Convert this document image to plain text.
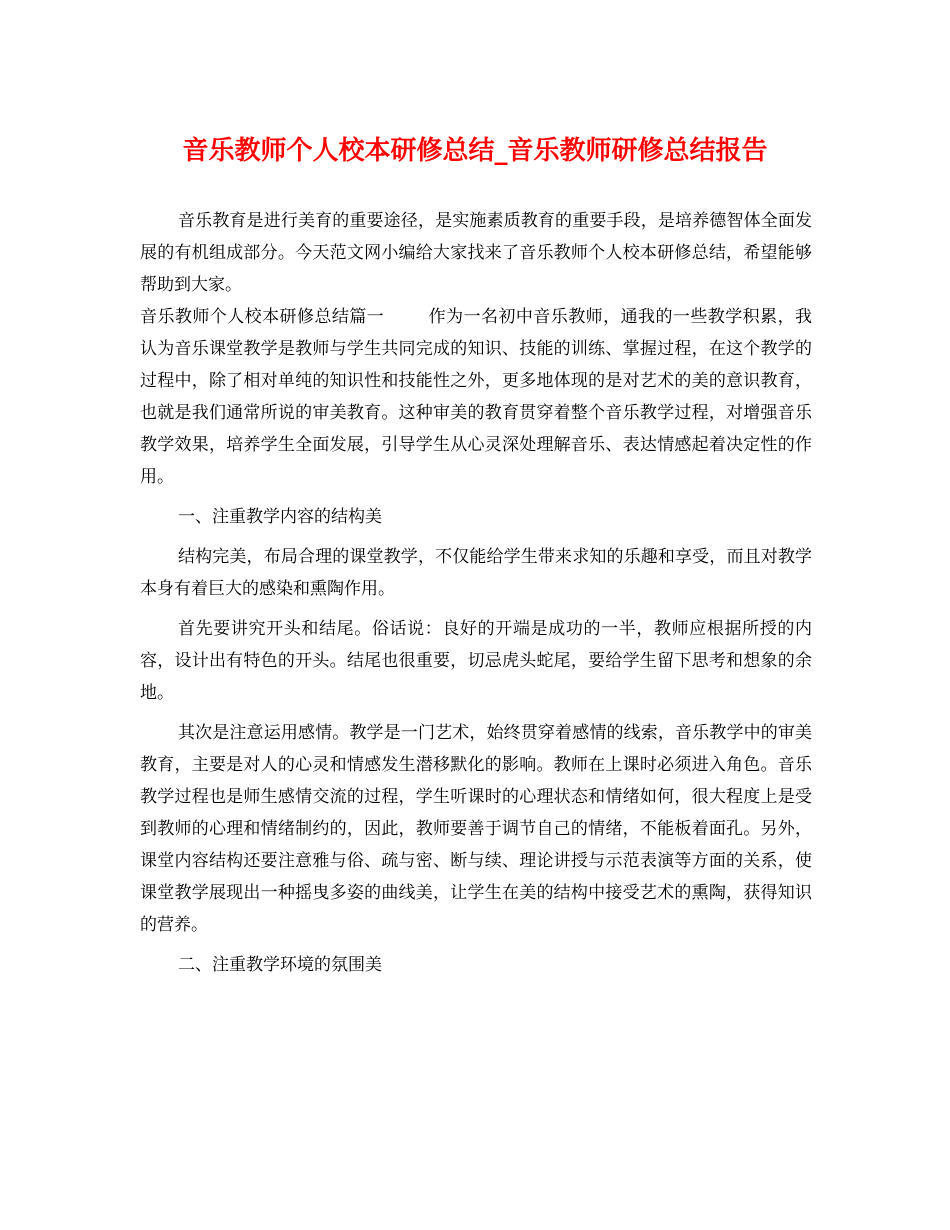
音乐教师个人校本研修总结_音乐教师研修总结报告

音乐教育是进行美育的重要途径，是实施素质教育的重要手段，是培养德智体全面发展的有机组成部分。今天范文网小编给大家找来了音乐教师个人校本研修总结，希望能够帮助到大家。

音乐教师个人校本研修总结篇一	作为一名初中音乐教师，通我的一些教学积累，我认为音乐课堂教学是教师与学生共同完成的知识、技能的训练、掌握过程，在这个教学的过程中，除了相对单纯的知识性和技能性之外，更多地体现的是对艺术的美的意识教育，也就是我们通常所说的审美教育。这种审美的教育贯穿着整个音乐教学过程，对增强音乐教学效果，培养学生全面发展，引导学生从心灵深处理解音乐、表达情感起着决定性的作用。

一、注重教学内容的结构美

结构完美，布局合理的课堂教学，不仅能给学生带来求知的乐趣和享受，而且对教学本身有着巨大的感染和熏陶作用。

首先要讲究开头和结尾。俗话说：良好的开端是成功的一半，教师应根据所授的内容，设计出有特色的开头。结尾也很重要，切忌虎头蛇尾，要给学生留下思考和想象的余地。

其次是注意运用感情。教学是一门艺术，始终贯穿着感情的线索，音乐教学中的审美教育，主要是对人的心灵和情感发生潜移默化的影响。教师在上课时必须进入角色。音乐教学过程也是师生感情交流的过程，学生听课时的心理状态和情绪如何，很大程度上是受到教师的心理和情绪制约的，因此，教师要善于调节自己的情绪，不能板着面孔。另外，课堂内容结构还要注意雅与俗、疏与密、断与续、理论讲授与示范表演等方面的关系，使课堂教学展现出一种摇曳多姿的曲线美，让学生在美的结构中接受艺术的熏陶，获得知识的营养。

二、注重教学环境的氛围美
